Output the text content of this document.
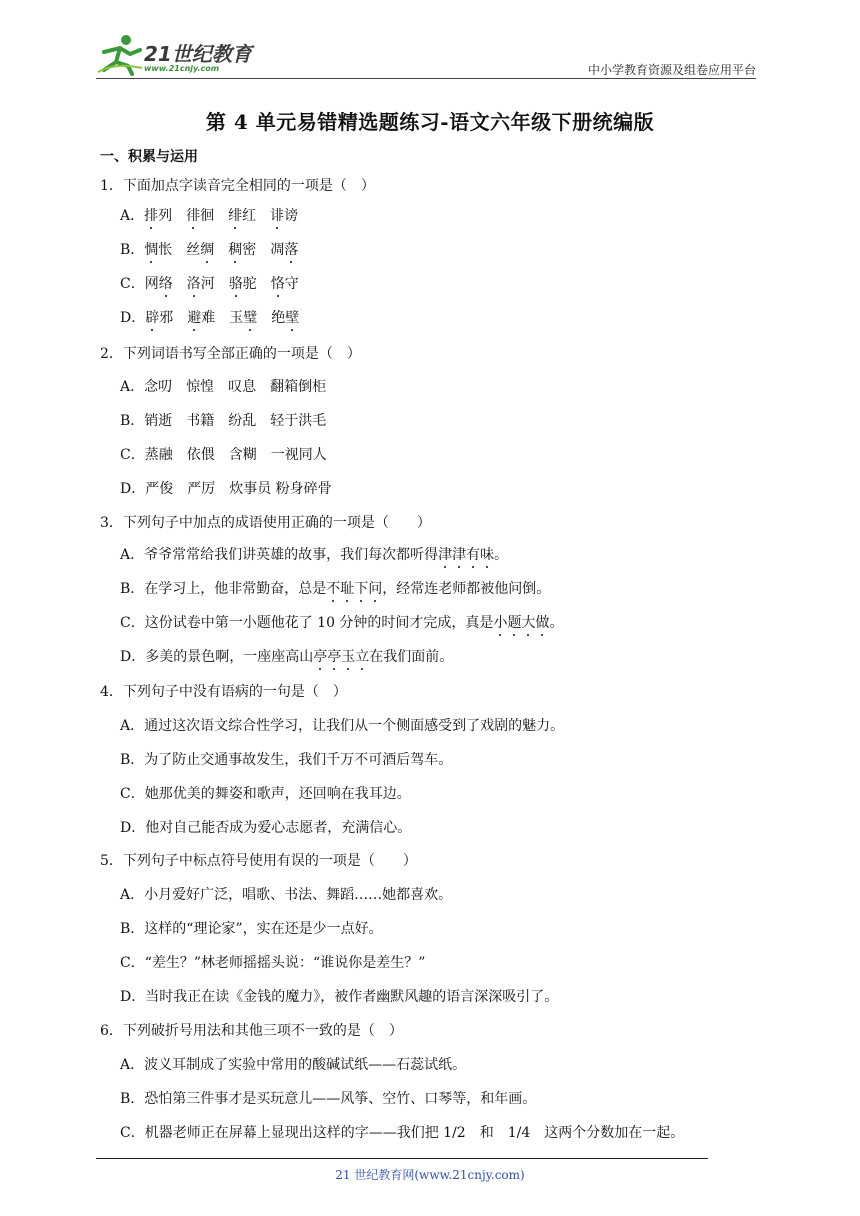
21世纪教育
www.21cnjy.com	中小学教育资源及组卷应用平台
第 4 单元易错精选题练习-语文六年级下册统编版
一、积累与运用
1．下面加点字读音完全相同的一项是（　）
A．排列 徘徊 绯红 诽谤
B．惆怅 丝绸 稠密 凋落
C．网络 洛河 骆驼 恪守
D．辟邪 避难 玉璧 绝壁
2．下列词语书写全部正确的一项是（　）
A．念叨　惊惶　叹息　翻箱倒柜
B．销逝　书籍　纷乱　轻于洪毛
C．蒸融　依偎　含糊　一视同人
D．严俊　严厉　炊事员 粉身碎骨
3．下列句子中加点的成语使用正确的一项是（　　）
A．爷爷常常给我们讲英雄的故事，我们每次都听得津津有味。
B．在学习上，他非常勤奋，总是不耻下问，经常连老师都被他问倒。
C．这份试卷中第一小题他花了 10 分钟的时间才完成，真是小题大做。
D．多美的景色啊，一座座高山亭亭玉立在我们面前。
4．下列句子中没有语病的一句是（　）
A．通过这次语文综合性学习，让我们从一个侧面感受到了戏剧的魅力。
B．为了防止交通事故发生，我们千万不可酒后驾车。
C．她那优美的舞姿和歌声，还回响在我耳边。
D．他对自己能否成为爱心志愿者，充满信心。
5．下列句子中标点符号使用有误的一项是（　　）
A．小月爱好广泛，唱歌、书法、舞蹈……她都喜欢。
B．这样的“理论家”，实在还是少一点好。
C．“差生？”林老师摇摇头说：“谁说你是差生？”
D．当时我正在读《金钱的魔力》，被作者幽默风趣的语言深深吸引了。
6．下列破折号用法和其他三项不一致的是（　）
A．波义耳制成了实验中常用的酸碱试纸——石蕊试纸。
B．恐怕第三件事才是买玩意儿——风筝、空竹、口琴等，和年画。
C．机器老师正在屏幕上显现出这样的字——我们把 1/2　和　1/4　这两个分数加在一起。
21 世纪教育网(www.21cnjy.com)
